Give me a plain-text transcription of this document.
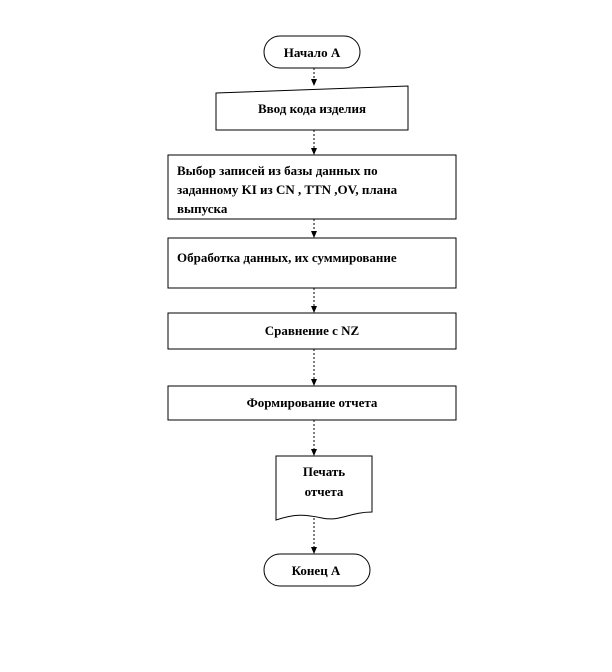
Начало А
Ввод кода изделия
Выбор записей из базы данных по
заданному KI из CN , TTN ,OV, плана
выпуска
Обработка данных, их суммирование
Сравнение с NZ
Формирование отчета
Печать
отчета
Конец А
